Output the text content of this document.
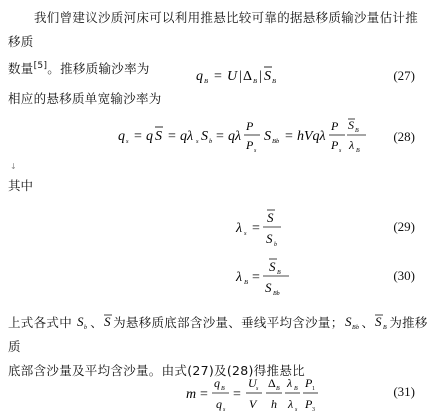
我们曾建议沙质河床可以利用推悬比较可靠的据悬移质输沙量估计推移质
数量[5]。推移质输沙率为

q B = U | Δ B | S B	(27)

相应的悬移质单宽输沙率为

q s = q S = qλ s S b = qλ
P
P s
S Bb = hVqλ
P
P s
S B
λ B
(28)
↓

其中

λ s =
S
S b
(29)
λ B =
S B
S Bb
(30)
上式各式中 S b 、 S 为悬移质底部含沙量、垂线平均含沙量； S Bb 、 S B 为推移质
底部含沙量及平均含沙量。由式(27)及(28)得推悬比
m =
q B
q s
=
U s
V
Δ B
h
λ B
λ s
P 1
P 3
(31)
